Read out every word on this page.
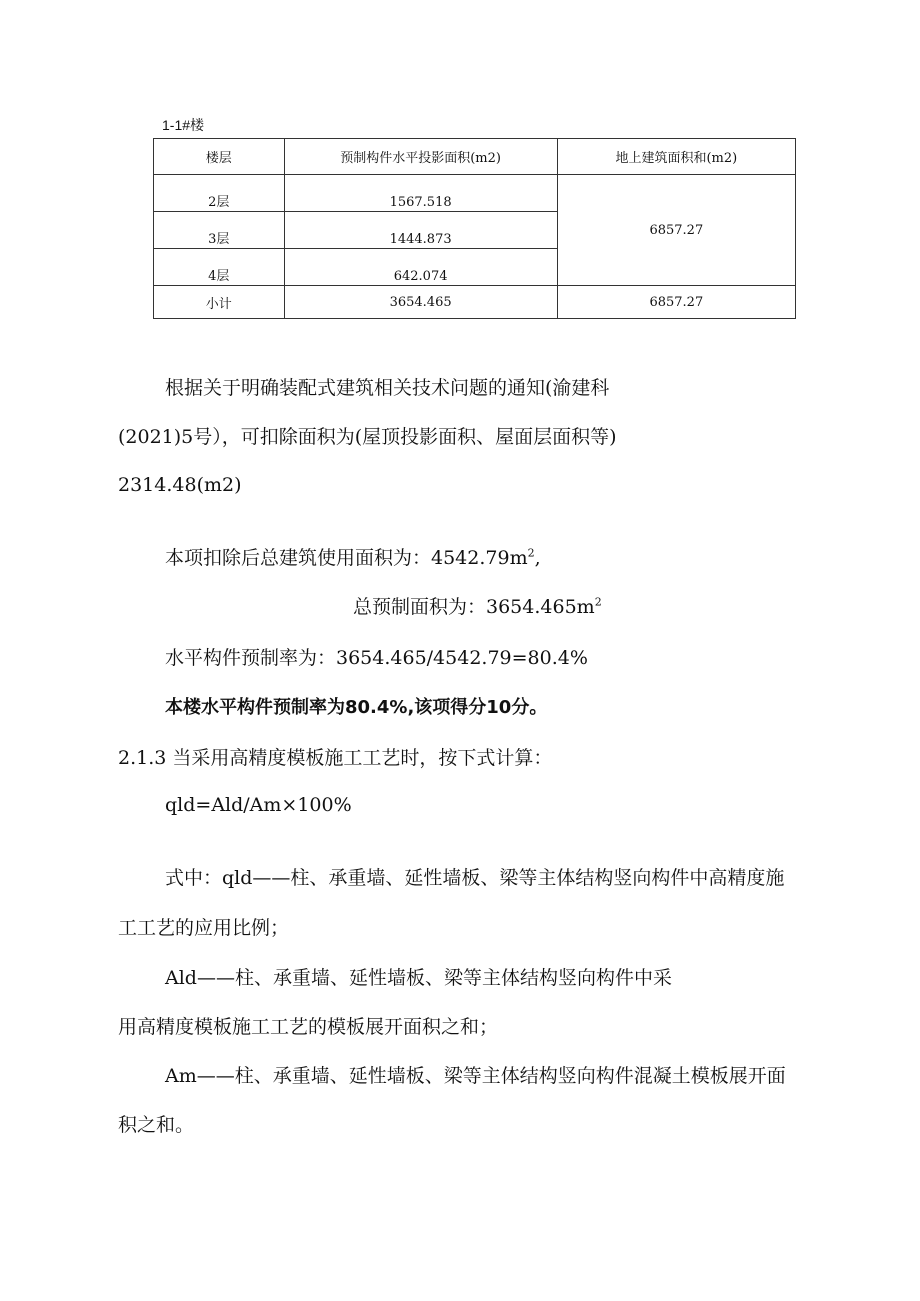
1-1#楼
楼层	预制构件水平投影面积(m2)	地上建筑面积和(m2)
2层	1567.518	6857.27
3层	1444.873	
4层	642.074	
小计	3654.465	6857.27
根据关于明确装配式建筑相关技术问题的通知(渝建科
(2021)5号），可扣除面积为(屋顶投影面积、屋面层面积等)
2314.48(m2)
本项扣除后总建筑使用面积为：$4542.79m^2$,
总预制面积为：$3654.465m^2$
水平构件预制率为：3654.465/4542.79=80.4%
本楼水平构件预制率为80.4%,该项得分10分。
2.1.3 当采用高精度模板施工工艺时，按下式计算：
qld=Ald/Am×100%
式中：qld——柱、承重墙、延性墙板、梁等主体结构竖向构件中高精度施
工工艺的应用比例；
Ald——柱、承重墙、延性墙板、梁等主体结构竖向构件中采
用高精度模板施工工艺的模板展开面积之和；
Am——柱、承重墙、延性墙板、梁等主体结构竖向构件混凝土模板展开面
积之和。
